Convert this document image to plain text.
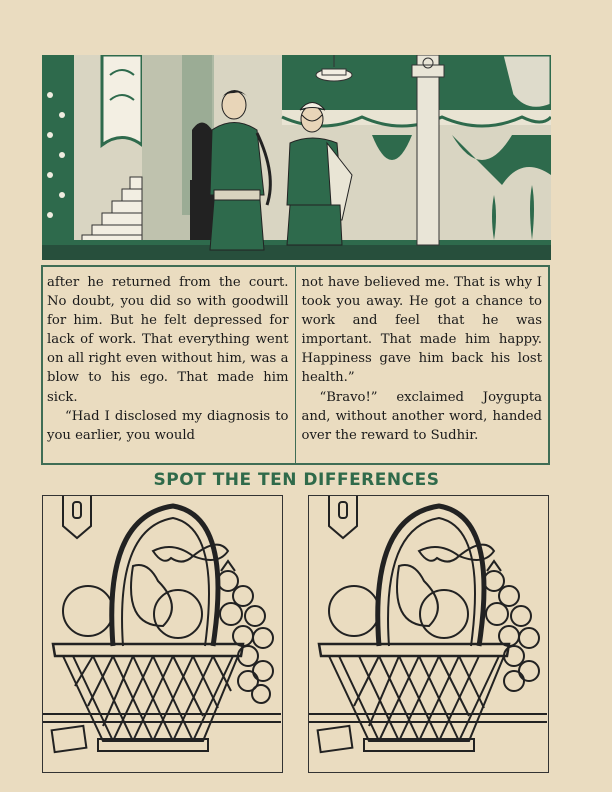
after he returned from the court. No doubt, you did so with goodwill for him. But he felt depressed for lack of work. That everything went on all right even without him, was a blow to his ego. That made him sick.

“Had I disclosed my diagnosis to you earlier, you would

not have believed me. That is why I took you away. He got a chance to work and feel that he was important. That made him happy. Happiness gave him back his lost health.”

“Bravo!” exclaimed Joygupta and, without another word, handed over the reward to Sudhir.

SPOT THE TEN DIFFERENCES
